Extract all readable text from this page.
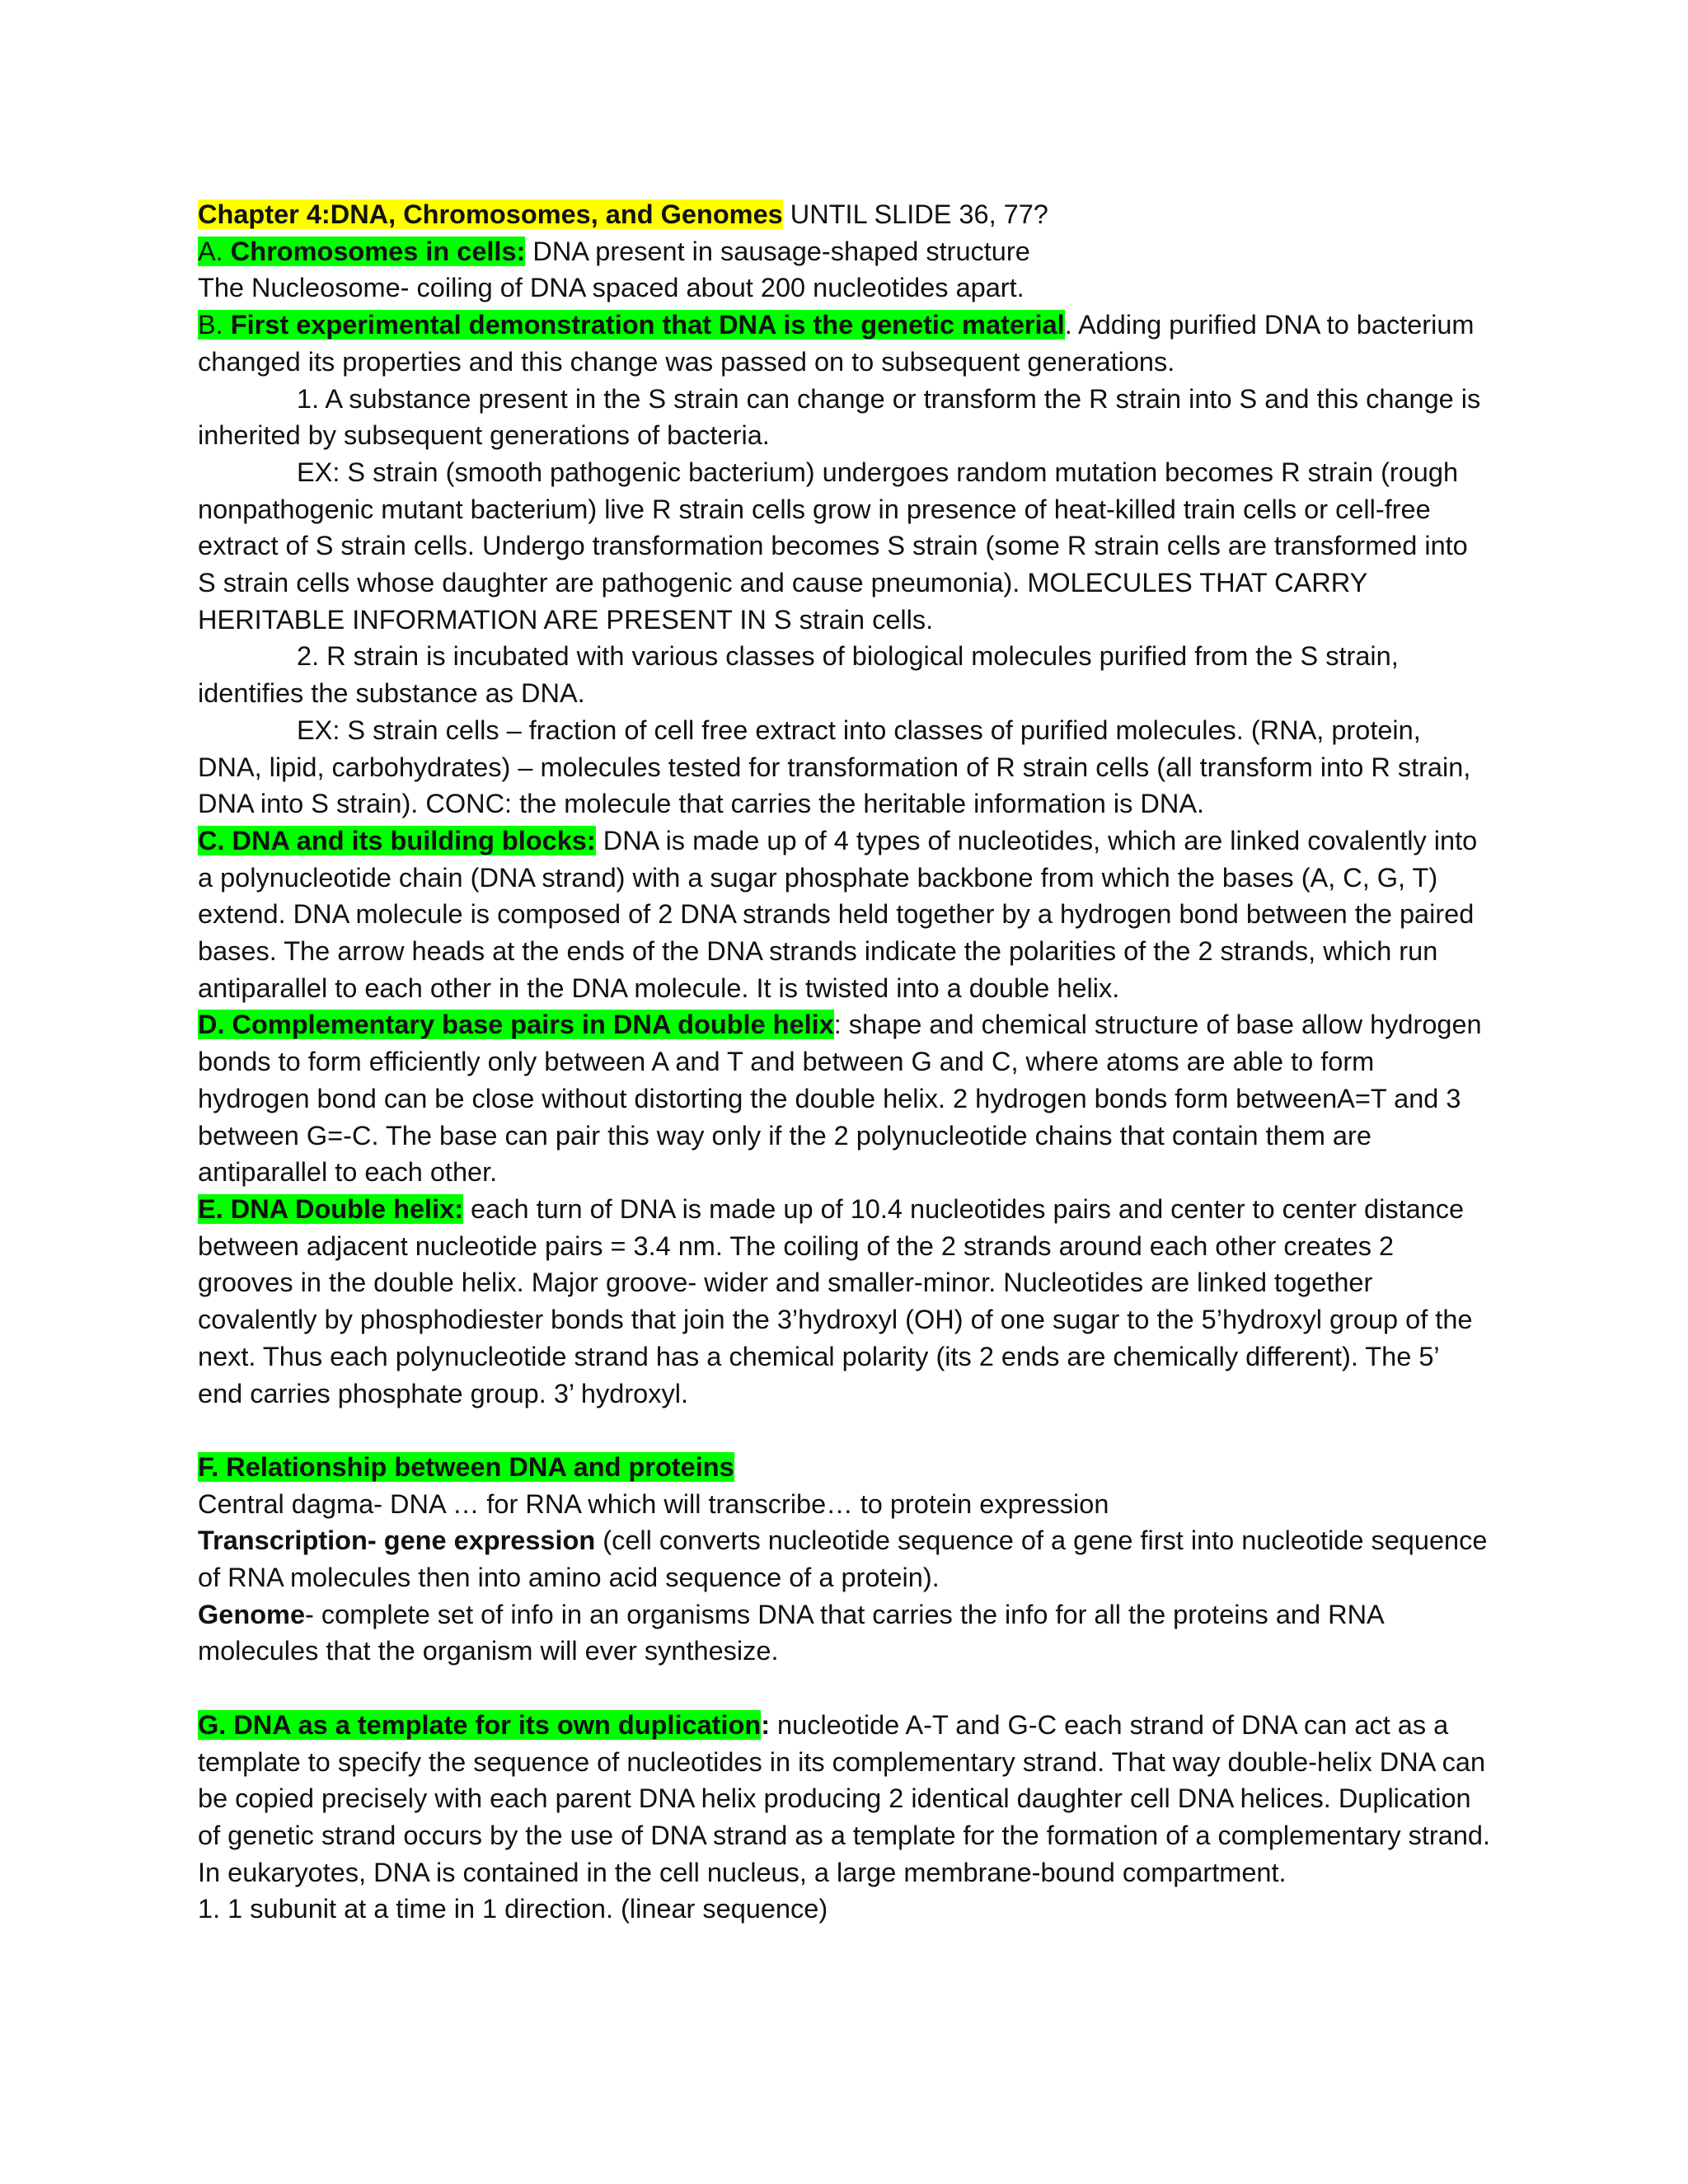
Chapter 4:DNA, Chromosomes, and Genomes UNTIL SLIDE 36, 77?
A. Chromosomes in cells: DNA present in sausage-shaped structure
The Nucleosome- coiling of DNA spaced about 200 nucleotides apart.
B. First experimental demonstration that DNA is the genetic material. Adding purified DNA to bacterium changed its properties and this change was passed on to subsequent generations.
1. A substance present in the S strain can change or transform the R strain into S and this change is inherited by subsequent generations of bacteria.
EX: S strain (smooth pathogenic bacterium) undergoes random mutation becomes R strain (rough nonpathogenic mutant bacterium) live R strain cells grow in presence of heat-killed train cells or cell-free extract of S strain cells. Undergo transformation becomes S strain (some R strain cells are transformed into S strain cells whose daughter are pathogenic and cause pneumonia). MOLECULES THAT CARRY HERITABLE INFORMATION ARE PRESENT IN S strain cells.
2. R strain is incubated with various classes of biological molecules purified from the S strain, identifies the substance as DNA.
EX: S strain cells – fraction of cell free extract into classes of purified molecules. (RNA, protein, DNA, lipid, carbohydrates) – molecules tested for transformation of R strain cells (all transform into R strain, DNA into S strain). CONC: the molecule that carries the heritable information is DNA.
C. DNA and its building blocks: DNA is made up of 4 types of nucleotides, which are linked covalently into a polynucleotide chain (DNA strand) with a sugar phosphate backbone from which the bases (A, C, G, T) extend. DNA molecule is composed of 2 DNA strands held together by a hydrogen bond between the paired bases. The arrow heads at the ends of the DNA strands indicate the polarities of the 2 strands, which run antiparallel to each other in the DNA molecule. It is twisted into a double helix.
D. Complementary base pairs in DNA double helix: shape and chemical structure of base allow hydrogen bonds to form efficiently only between A and T and between G and C, where atoms are able to form hydrogen bond can be close without distorting the double helix. 2 hydrogen bonds form betweenA=T and 3 between G=-C. The base can pair this way only if the 2 polynucleotide chains that contain them are antiparallel to each other.
E. DNA Double helix: each turn of DNA is made up of 10.4 nucleotides pairs and center to center distance between adjacent nucleotide pairs = 3.4 nm. The coiling of the 2 strands around each other creates 2 grooves in the double helix. Major groove- wider and smaller-minor. Nucleotides are linked together covalently by phosphodiester bonds that join the 3’hydroxyl (OH) of one sugar to the 5’hydroxyl group of the next. Thus each polynucleotide strand has a chemical polarity (its 2 ends are chemically different). The 5’ end carries phosphate group. 3’ hydroxyl.
F. Relationship between DNA and proteins
Central dagma- DNA … for RNA which will transcribe… to protein expression
Transcription- gene expression (cell converts nucleotide sequence of a gene first into nucleotide sequence of RNA molecules then into amino acid sequence of a protein).
Genome- complete set of info in an organisms DNA that carries the info for all the proteins and RNA molecules that the organism will ever synthesize.
G. DNA as a template for its own duplication: nucleotide A-T and G-C each strand of DNA can act as a template to specify the sequence of nucleotides in its complementary strand. That way double-helix DNA can be copied precisely with each parent DNA helix producing 2 identical daughter cell DNA helices. Duplication of genetic strand occurs by the use of DNA strand as a template for the formation of a complementary strand. In eukaryotes, DNA is contained in the cell nucleus, a large membrane-bound compartment.
1. 1 subunit at a time in 1 direction. (linear sequence)
